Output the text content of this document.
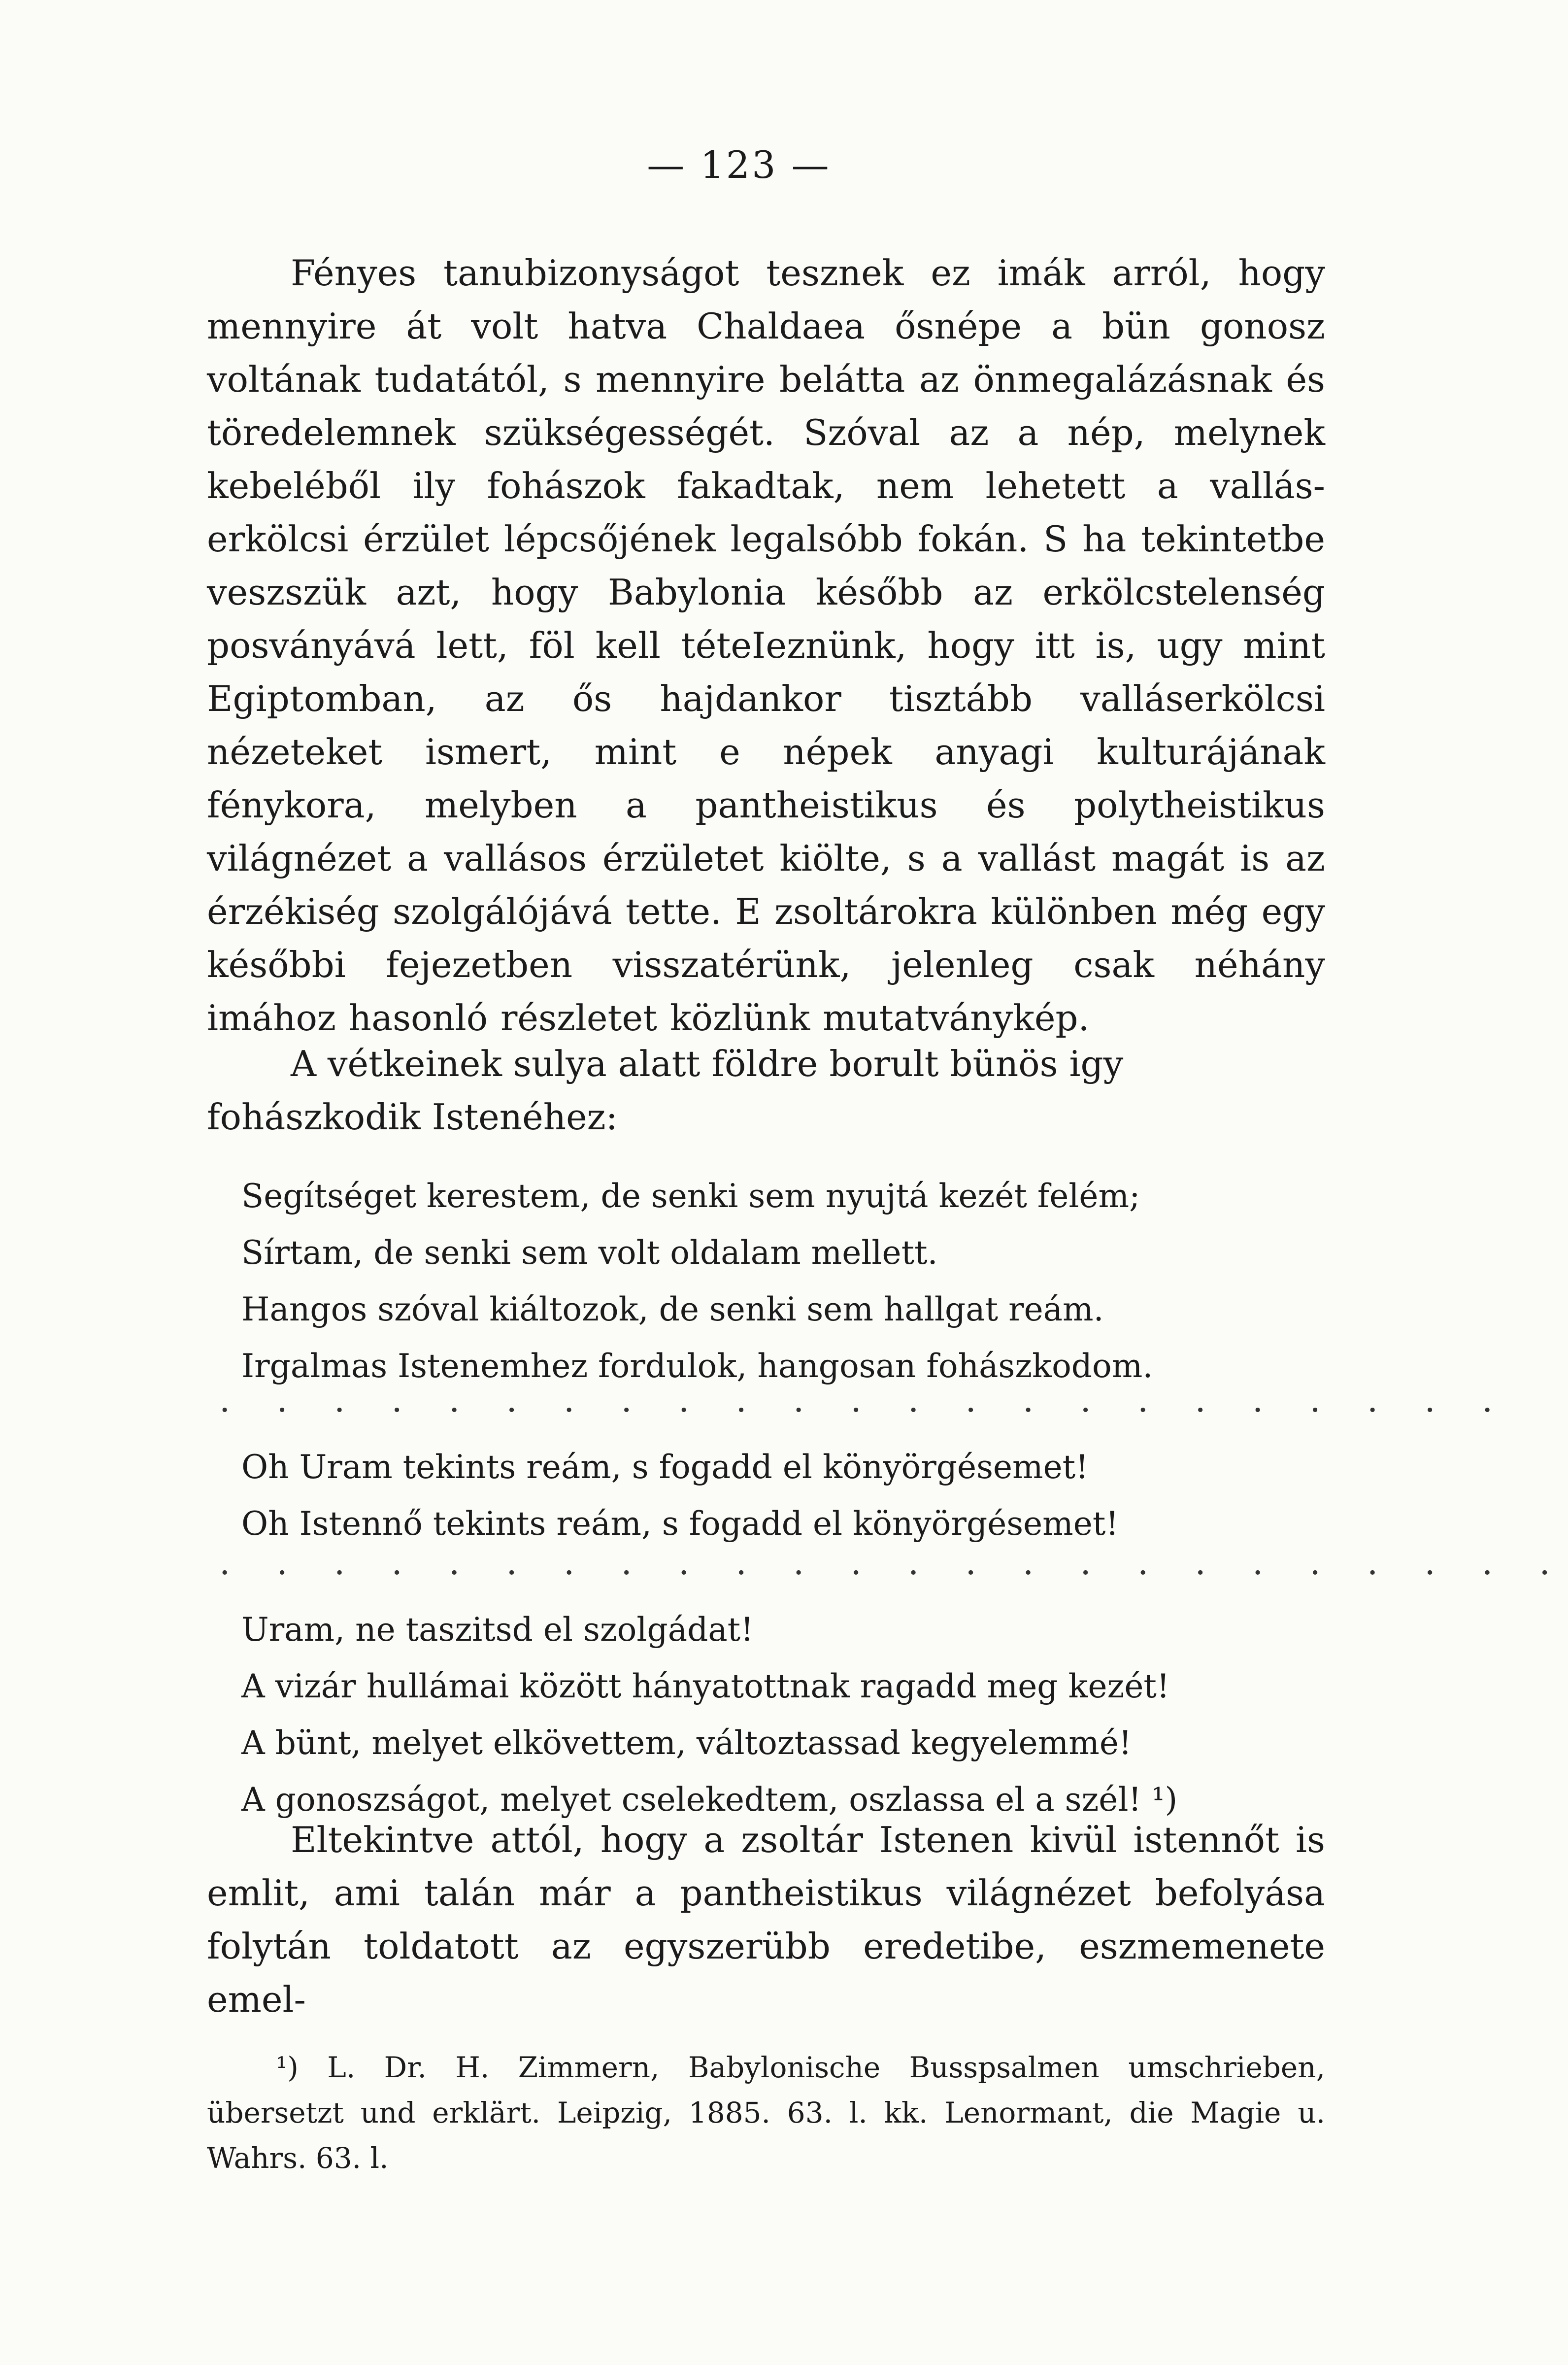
— 123 —
Fényes tanubizonyságot tesznek ez imák arról, hogy mennyire át volt hatva Chaldaea ősnépe a bün gonosz voltának tudatától, s mennyire belátta az önmegalázásnak és töredelemnek szükségességét. Szóval az a nép, melynek kebeléből ily fohászok fakadtak, nem lehetett a vallás-erkölcsi érzület lépcsőjének legalsóbb fokán. S ha tekintetbe veszszük azt, hogy Babylonia később az erkölcstelenség posványává lett, föl kell téteIeznünk, hogy itt is, ugy mint Egiptomban, az ős hajdankor tisztább valláserkölcsi nézeteket ismert, mint e népek anyagi kulturájának fénykora, melyben a pantheistikus és polytheistikus világnézet a vallásos érzületet kiölte, s a vallást magát is az érzékiség szolgálójává tette. E zsoltárokra különben még egy későbbi fejezetben visszatérünk, jelenleg csak néhány imához hasonló részletet közlünk mutatványkép.
A vétkeinek sulya alatt földre borult bünös igy fohászkodik Istenéhez:
Segítséget kerestem, de senki sem nyujtá kezét felém;
Sírtam, de senki sem volt oldalam mellett.
Hangos szóval kiáltozok, de senki sem hallgat reám.
Irgalmas Istenemhez fordulok, hangosan fohászkodom.
. . . . . . . . . . . . . . . . . . . . . . .
Oh Uram tekints reám, s fogadd el könyörgésemet!
Oh Istennő tekints reám, s fogadd el könyörgésemet!
. . . . . . . . . . . . . . . . . . . . . . . .
Uram, ne taszitsd el szolgádat!
A vizár hullámai között hányatottnak ragadd meg kezét!
A bünt, melyet elkövettem, változtassad kegyelemmé!
A gonoszságot, melyet cselekedtem, oszlassa el a szél! ¹)
Eltekintve attól, hogy a zsoltár Istenen kivül istennőt is emlit, ami talán már a pantheistikus világnézet befolyása folytán toldatott az egyszerübb eredetibe, eszmemenete emel-
¹) L. Dr. H. Zimmern, Babylonische Busspsalmen umschrieben, übersetzt und erklärt. Leipzig, 1885. 63. l. kk. Lenormant, die Magie u. Wahrs. 63. l.
